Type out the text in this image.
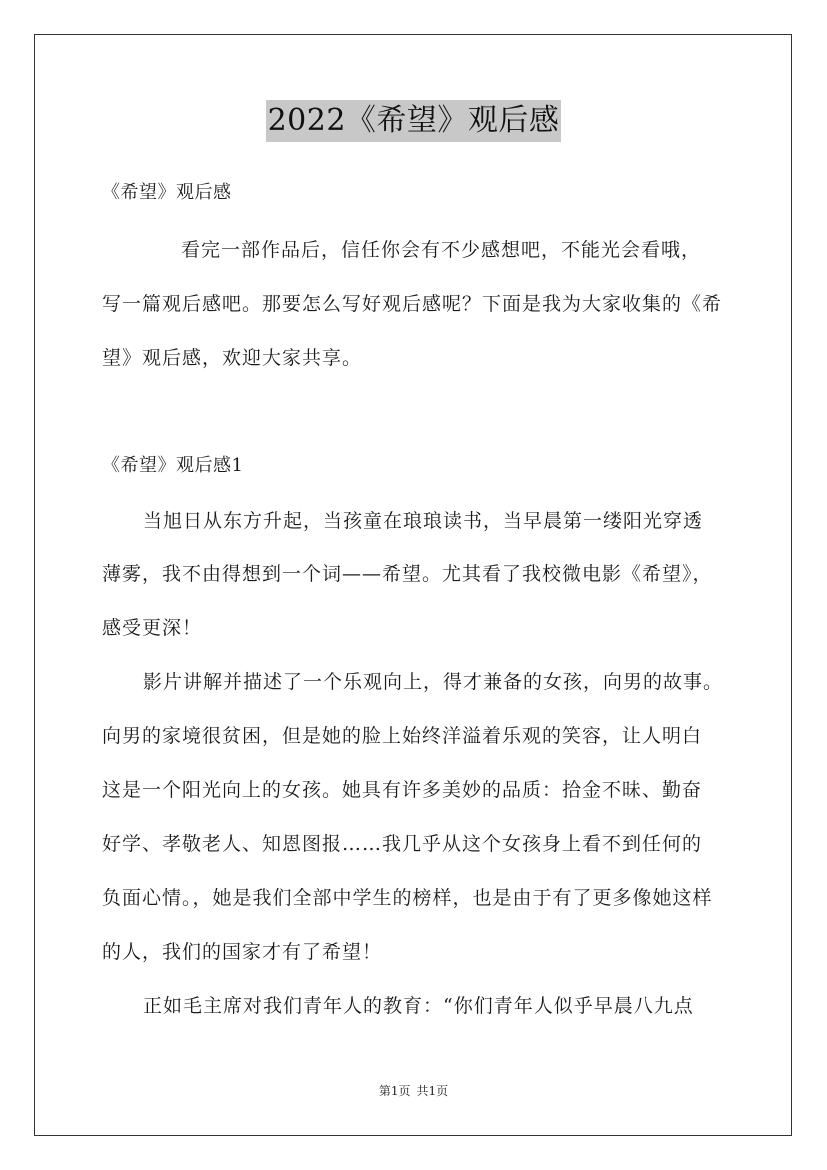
2022《希望》观后感
《希望》观后感
看完一部作品后，信任你会有不少感想吧，不能光会看哦，
写一篇观后感吧。那要怎么写好观后感呢？下面是我为大家收集的《希
望》观后感，欢迎大家共享。
《希望》观后感1
当旭日从东方升起，当孩童在琅琅读书，当早晨第一缕阳光穿透
薄雾，我不由得想到一个词——希望。尤其看了我校微电影《希望》，
感受更深！
影片讲解并描述了一个乐观向上，得才兼备的女孩，向男的故事。
向男的家境很贫困，但是她的脸上始终洋溢着乐观的笑容，让人明白
这是一个阳光向上的女孩。她具有许多美妙的品质：拾金不昧、勤奋
好学、孝敬老人、知恩图报……我几乎从这个女孩身上看不到任何的
负面心情。，她是我们全部中学生的榜样，也是由于有了更多像她这样
的人，我们的国家才有了希望！
正如毛主席对我们青年人的教育：“你们青年人似乎早晨八九点
第1页 共1页
